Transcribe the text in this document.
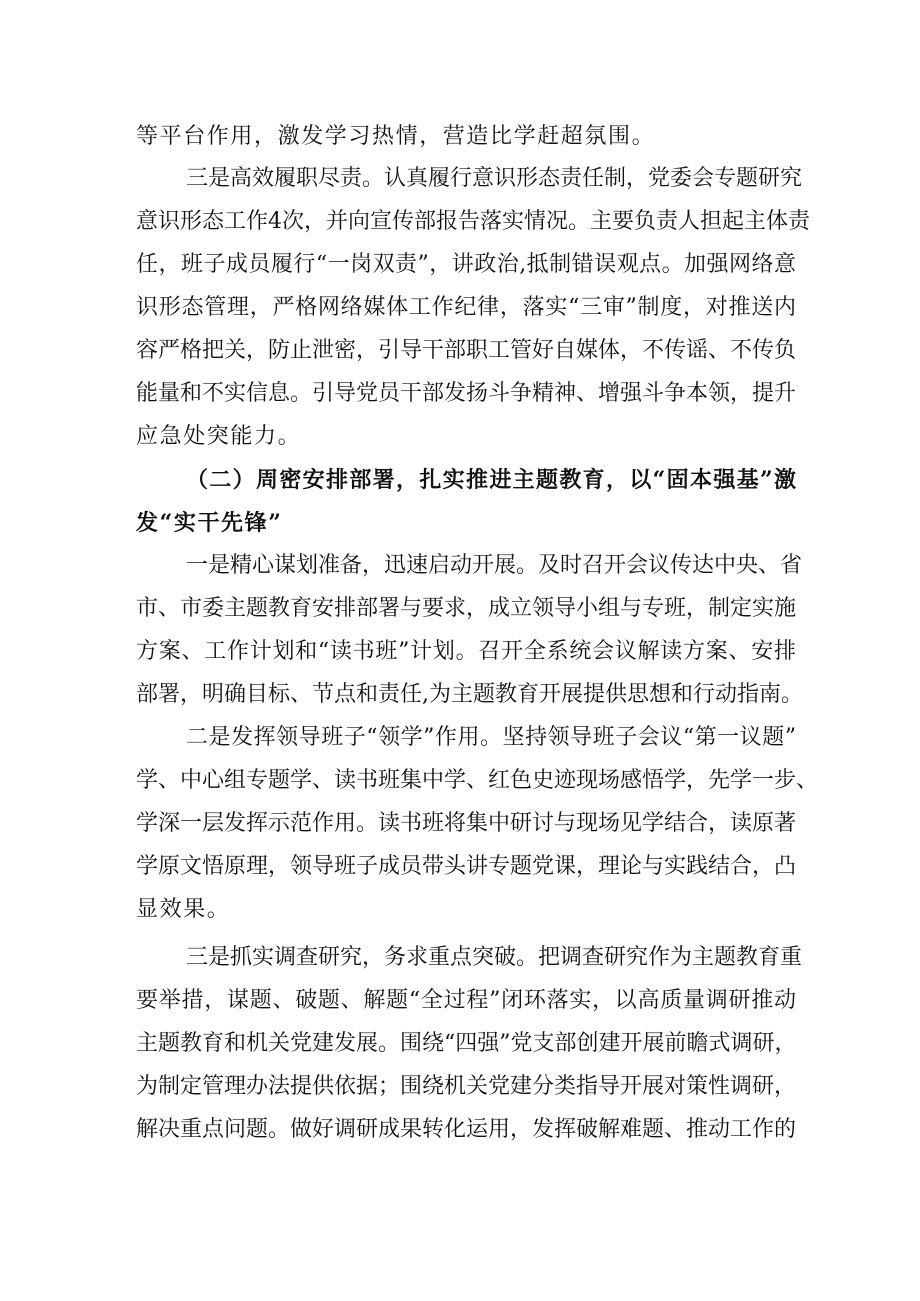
等平台作用，激发学习热情，营造比学赶超氛围。
三是高效履职尽责。认真履行意识形态责任制，党委会专题研究
意识形态工作4次，并向宣传部报告落实情况。主要负责人担起主体责
任，班子成员履行“一岗双责”，讲政治,抵制错误观点。加强网络意
识形态管理，严格网络媒体工作纪律，落实“三审”制度，对推送内
容严格把关，防止泄密，引导干部职工管好自媒体，不传谣、不传负
能量和不实信息。引导党员干部发扬斗争精神、增强斗争本领，提升
应急处突能力。
（二）周密安排部署，扎实推进主题教育，以“固本强基”激
发“实干先锋”
一是精心谋划准备，迅速启动开展。及时召开会议传达中央、省
市、市委主题教育安排部署与要求，成立领导小组与专班，制定实施
方案、工作计划和“读书班”计划。召开全系统会议解读方案、安排
部署，明确目标、节点和责任,为主题教育开展提供思想和行动指南。
二是发挥领导班子“领学”作用。坚持领导班子会议“第一议题”
学、中心组专题学、读书班集中学、红色史迹现场感悟学，先学一步、
学深一层发挥示范作用。读书班将集中研讨与现场见学结合，读原著
学原文悟原理，领导班子成员带头讲专题党课，理论与实践结合，凸
显效果。
三是抓实调查研究，务求重点突破。把调查研究作为主题教育重
要举措，谋题、破题、解题“全过程”闭环落实，以高质量调研推动
主题教育和机关党建发展。围绕“四强”党支部创建开展前瞻式调研，
为制定管理办法提供依据；围绕机关党建分类指导开展对策性调研，
解决重点问题。做好调研成果转化运用，发挥破解难题、推动工作的
